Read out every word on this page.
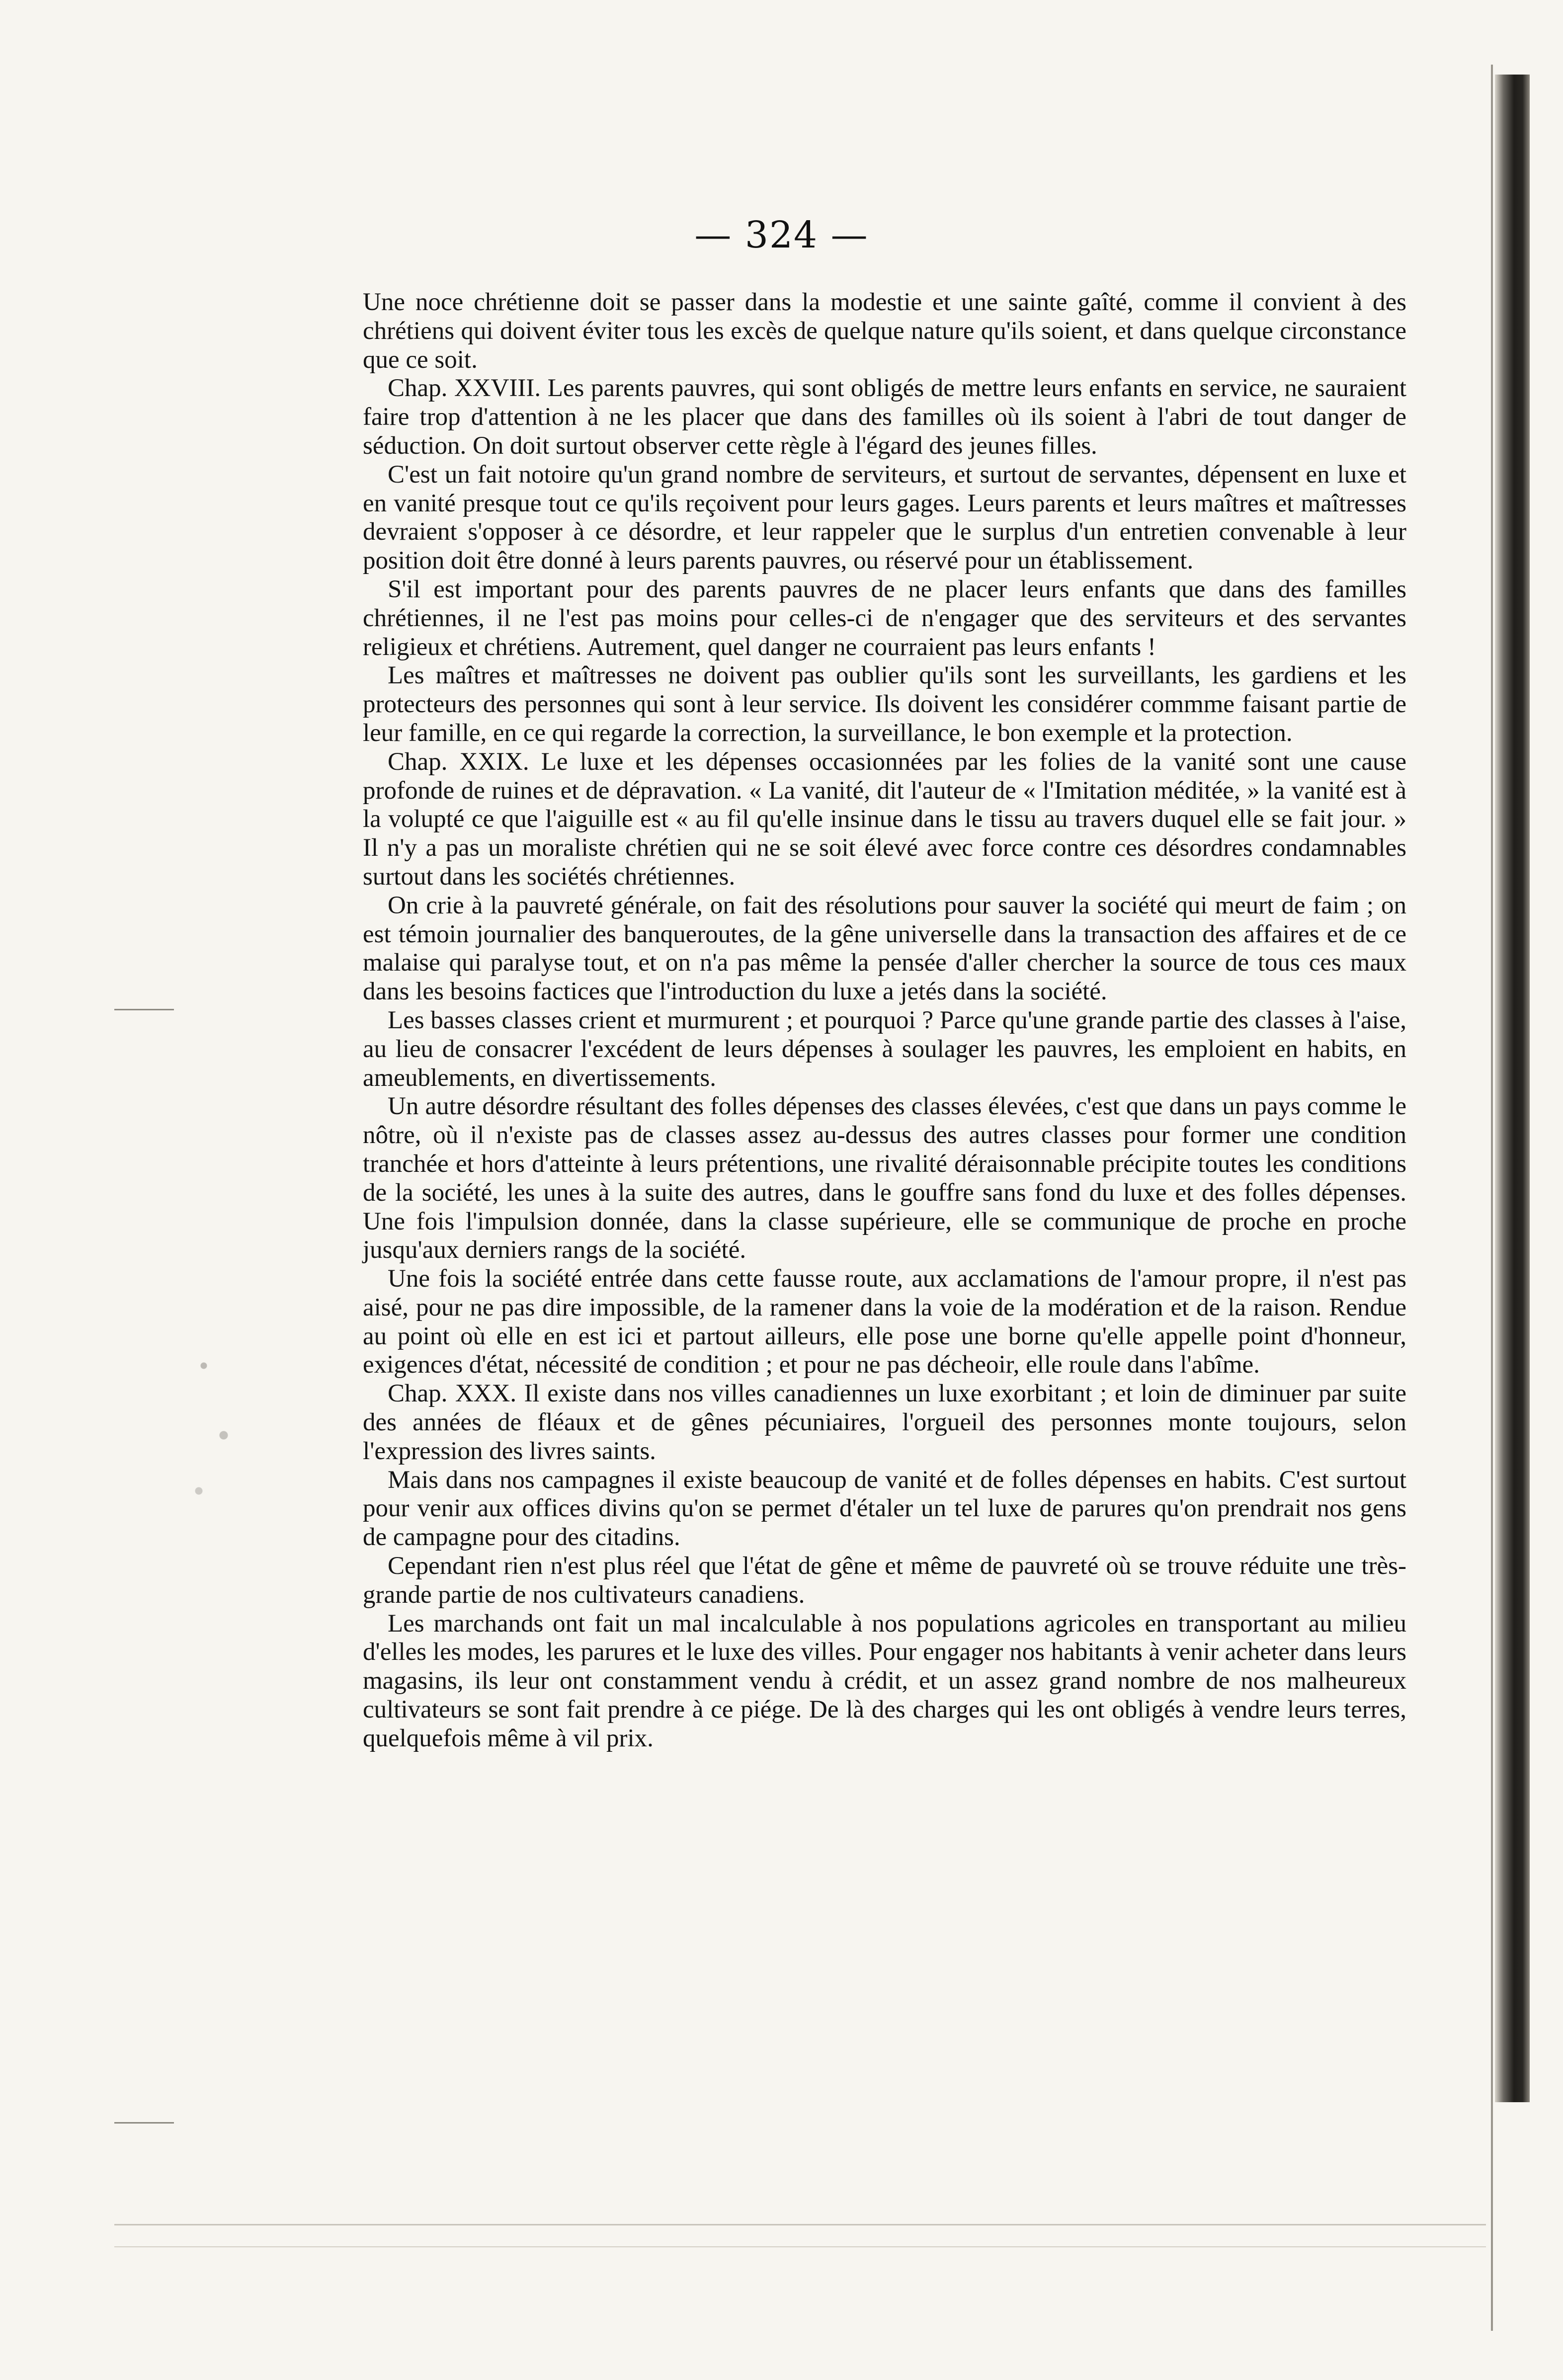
— 324 —

Une noce chrétienne doit se passer dans la modestie et une sainte gaîté, comme il convient à des chrétiens qui doivent éviter tous les excès de quelque nature qu'ils soient, et dans quelque circonstance que ce soit.

Chap. XXVIII. Les parents pauvres, qui sont obligés de mettre leurs enfants en service, ne sauraient faire trop d'attention à ne les placer que dans des familles où ils soient à l'abri de tout danger de séduction. On doit surtout observer cette règle à l'égard des jeunes filles.

C'est un fait notoire qu'un grand nombre de serviteurs, et surtout de servantes, dépensent en luxe et en vanité presque tout ce qu'ils reçoivent pour leurs gages. Leurs parents et leurs maîtres et maîtresses devraient s'opposer à ce désordre, et leur rappeler que le surplus d'un entretien convenable à leur position doit être donné à leurs parents pauvres, ou réservé pour un établissement.

S'il est important pour des parents pauvres de ne placer leurs enfants que dans des familles chrétiennes, il ne l'est pas moins pour celles-ci de n'engager que des serviteurs et des servantes religieux et chrétiens. Autrement, quel danger ne courraient pas leurs enfants !

Les maîtres et maîtresses ne doivent pas oublier qu'ils sont les surveillants, les gardiens et les protecteurs des personnes qui sont à leur service. Ils doivent les considérer commme faisant partie de leur famille, en ce qui regarde la correction, la surveillance, le bon exemple et la protection.

Chap. XXIX. Le luxe et les dépenses occasionnées par les folies de la vanité sont une cause profonde de ruines et de dépravation. « La vanité, dit l'auteur de « l'Imitation méditée, » la vanité est à la volupté ce que l'aiguille est « au fil qu'elle insinue dans le tissu au travers duquel elle se fait jour. » Il n'y a pas un moraliste chrétien qui ne se soit élevé avec force contre ces désordres condamnables surtout dans les sociétés chrétiennes.

On crie à la pauvreté générale, on fait des résolutions pour sauver la société qui meurt de faim ; on est témoin journalier des banqueroutes, de la gêne universelle dans la transaction des affaires et de ce malaise qui paralyse tout, et on n'a pas même la pensée d'aller chercher la source de tous ces maux dans les besoins factices que l'introduction du luxe a jetés dans la société.

Les basses classes crient et murmurent ; et pourquoi ? Parce qu'une grande partie des classes à l'aise, au lieu de consacrer l'excédent de leurs dépenses à soulager les pauvres, les emploient en habits, en ameublements, en divertissements.

Un autre désordre résultant des folles dépenses des classes élevées, c'est que dans un pays comme le nôtre, où il n'existe pas de classes assez au-dessus des autres classes pour former une condition tranchée et hors d'atteinte à leurs prétentions, une rivalité déraisonnable précipite toutes les conditions de la société, les unes à la suite des autres, dans le gouffre sans fond du luxe et des folles dépenses. Une fois l'impulsion donnée, dans la classe supérieure, elle se communique de proche en proche jusqu'aux derniers rangs de la société.

Une fois la société entrée dans cette fausse route, aux acclamations de l'amour propre, il n'est pas aisé, pour ne pas dire impossible, de la ramener dans la voie de la modération et de la raison. Rendue au point où elle en est ici et partout ailleurs, elle pose une borne qu'elle appelle point d'honneur, exigences d'état, nécessité de condition ; et pour ne pas décheoir, elle roule dans l'abîme.

Chap. XXX. Il existe dans nos villes canadiennes un luxe exorbitant ; et loin de diminuer par suite des années de fléaux et de gênes pécuniaires, l'orgueil des personnes monte toujours, selon l'expression des livres saints.

Mais dans nos campagnes il existe beaucoup de vanité et de folles dépenses en habits. C'est surtout pour venir aux offices divins qu'on se permet d'étaler un tel luxe de parures qu'on prendrait nos gens de campagne pour des citadins.

Cependant rien n'est plus réel que l'état de gêne et même de pauvreté où se trouve réduite une très-grande partie de nos cultivateurs canadiens.

Les marchands ont fait un mal incalculable à nos populations agricoles en transportant au milieu d'elles les modes, les parures et le luxe des villes. Pour engager nos habitants à venir acheter dans leurs magasins, ils leur ont constamment vendu à crédit, et un assez grand nombre de nos malheureux cultivateurs se sont fait prendre à ce piége. De là des charges qui les ont obligés à vendre leurs terres, quelquefois même à vil prix.
